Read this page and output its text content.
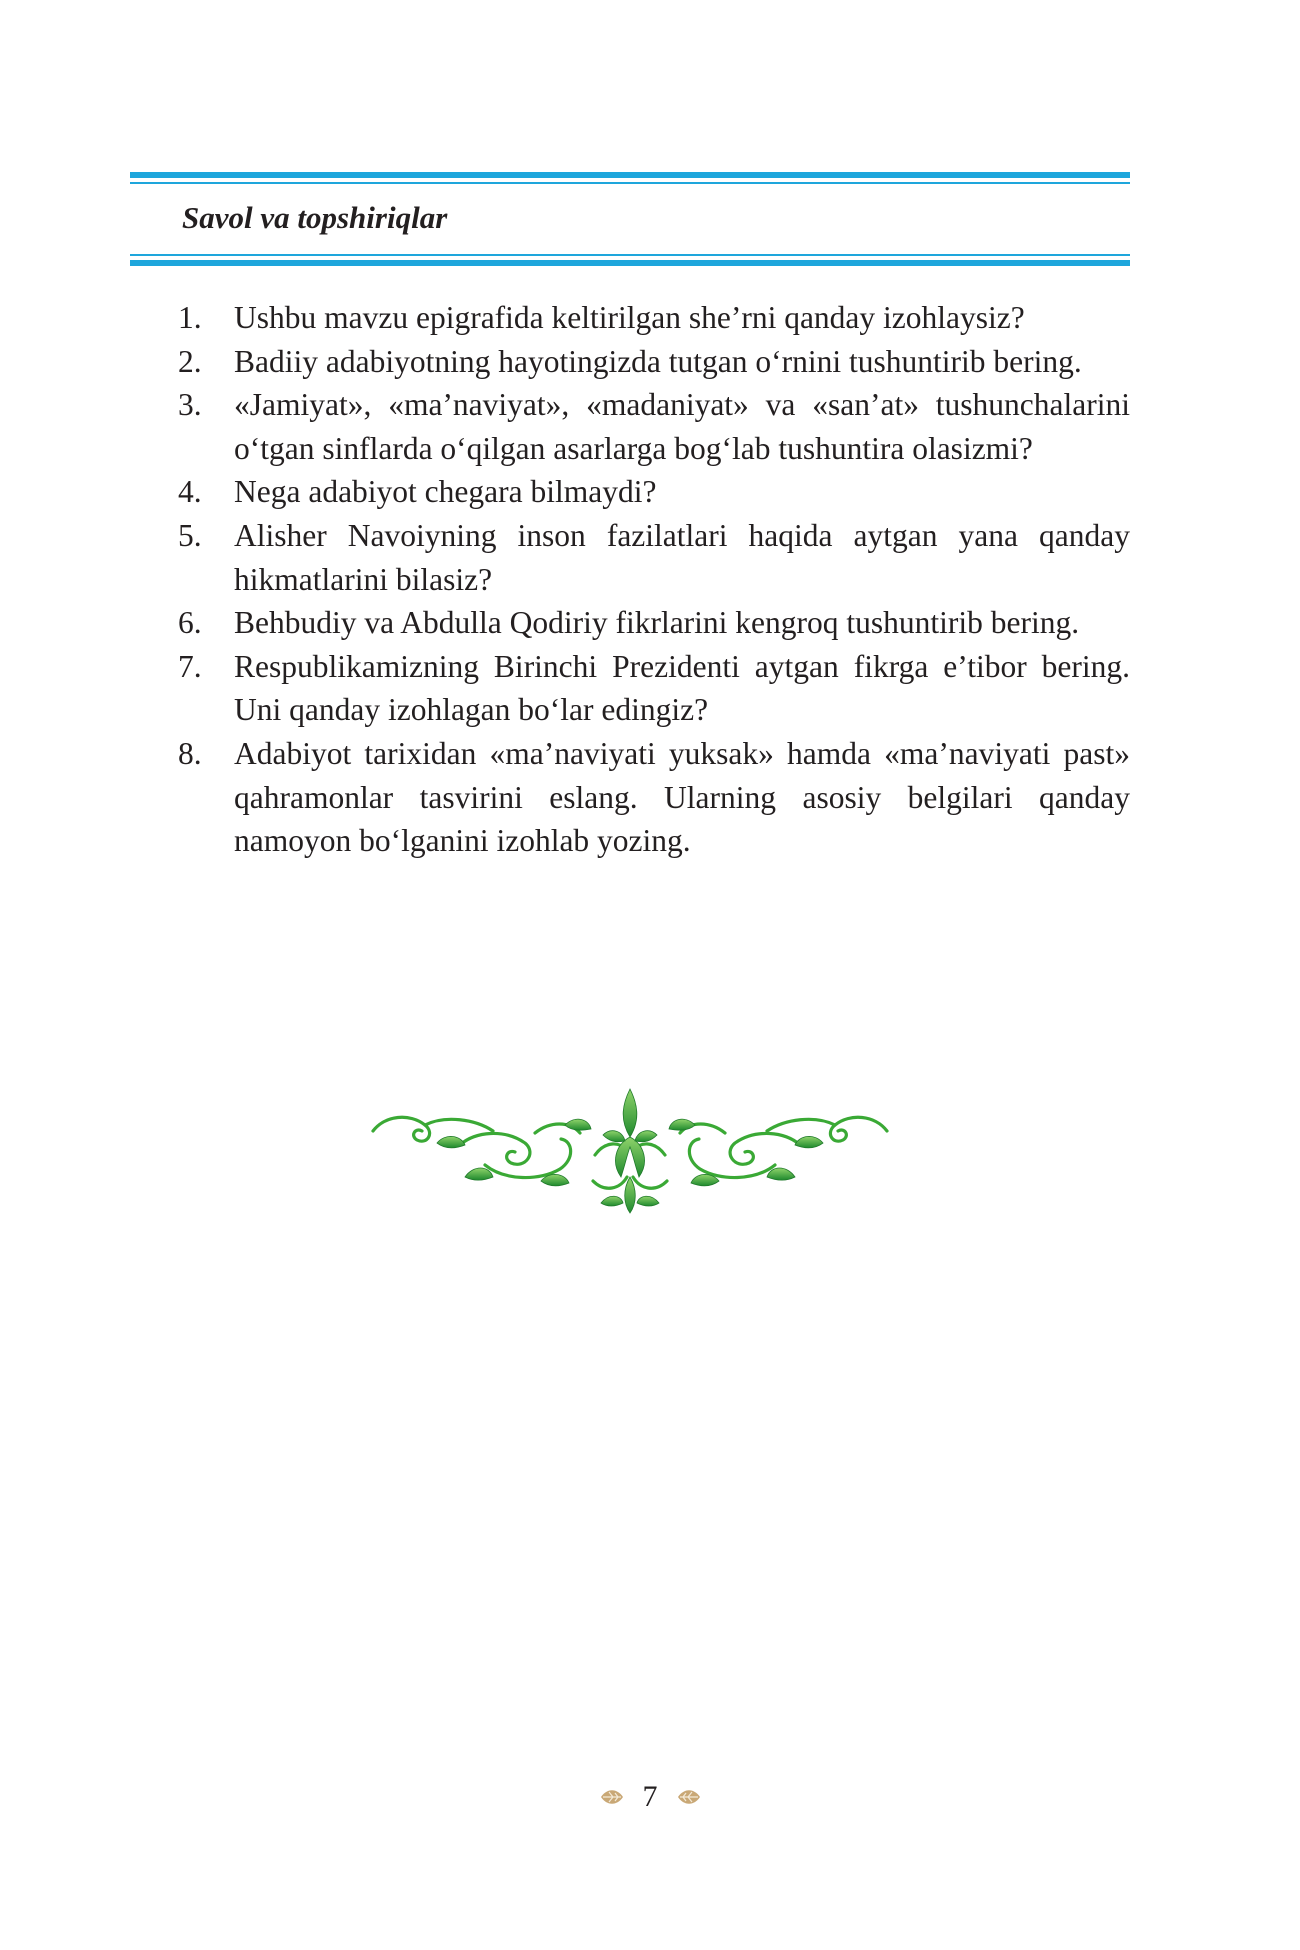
Savol va topshiriqlar
1.	Ushbu mavzu epigrafida keltirilgan she’rni qanday izohlaysiz?
2.	Badiiy adabiyotning hayotingizda tutgan o‘rnini tushuntirib bering.
3.	«Jamiyat», «ma’naviyat», «madaniyat» va «san’at» tushunchalarini o‘tgan sinflarda o‘qilgan asarlarga bog‘lab tushuntira olasizmi?
4.	Nega adabiyot chegara bilmaydi?
5.	Alisher Navoiyning inson fazilatlari haqida aytgan yana qanday hikmatlarini bilasiz?
6.	Behbudiy va Abdulla Qodiriy fikrlarini kengroq tushuntirib bering.
7.	Respublikamizning Birinchi Prezidenti aytgan fikrga e’tibor bering. Uni qanday izohlagan bo‘lar edingiz?
8.	Adabiyot tarixidan «ma’naviyati yuksak» hamda «ma’naviyati past» qahramonlar tasvirini eslang. Ularning asosiy belgilari qanday namoyon bo‘lganini izohlab yozing.
7
